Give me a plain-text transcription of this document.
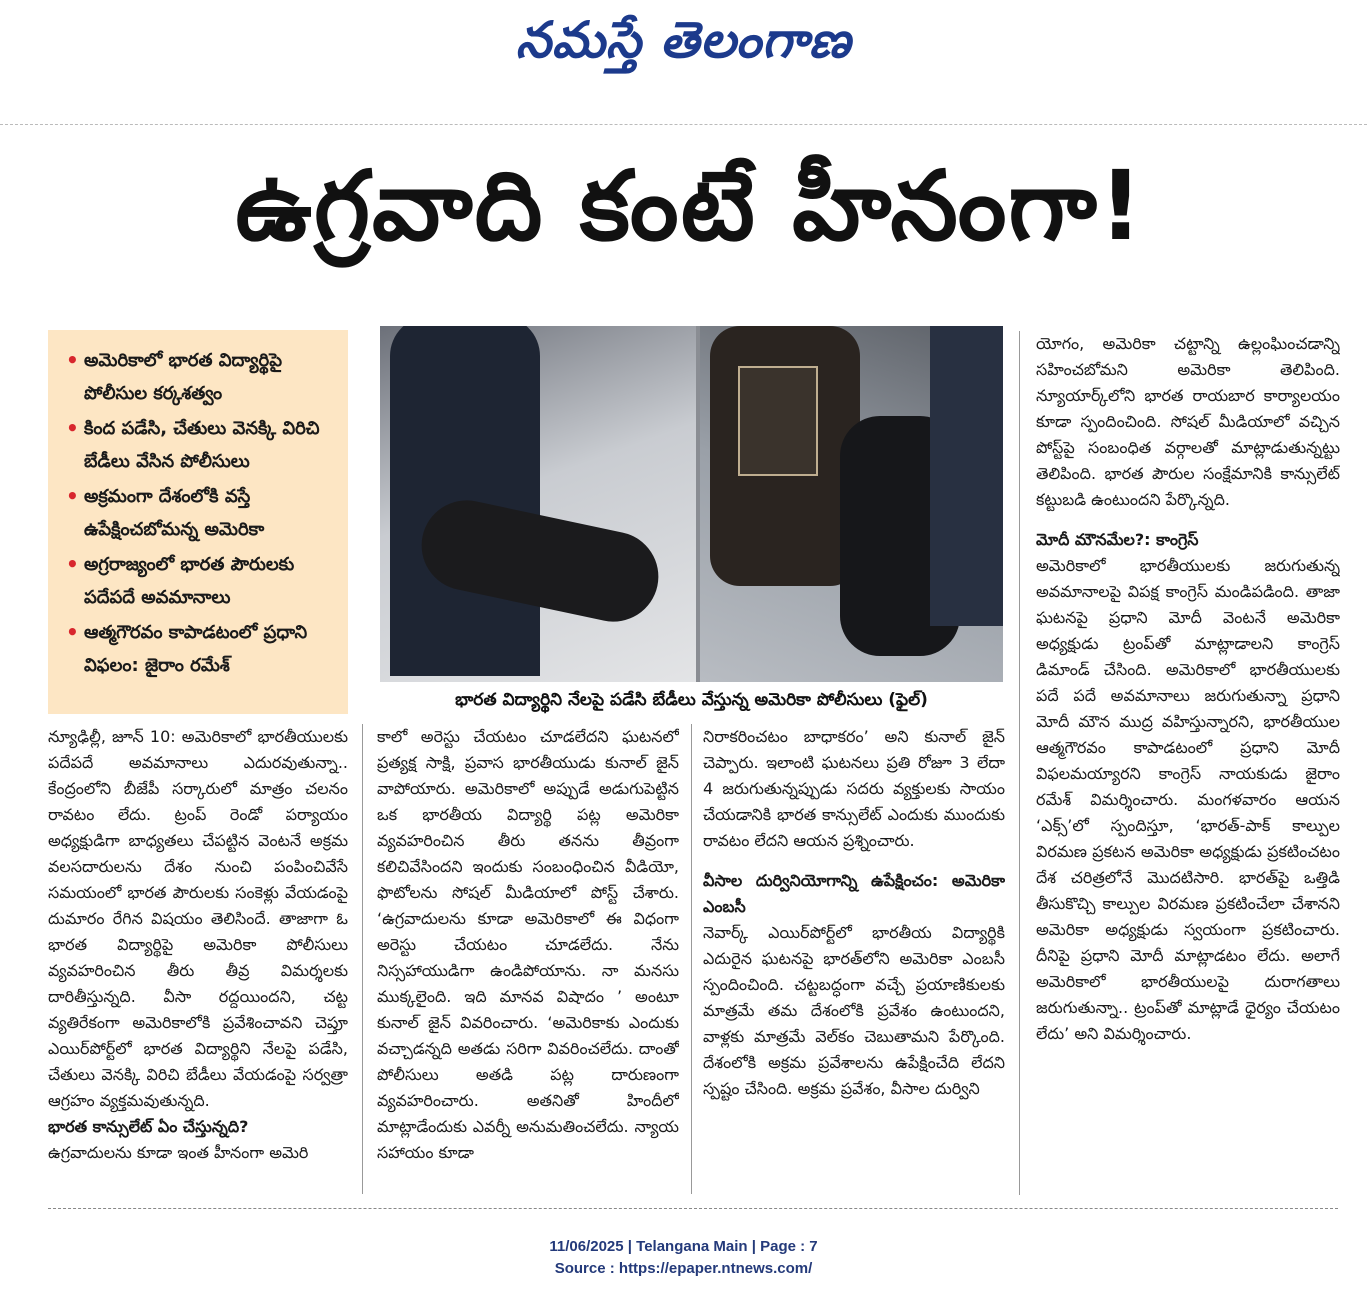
నమస్తే తెలంగాణ
ఉగ్రవాది కంటే హీనంగా!
• అమెరికాలో భారత విద్యార్థిపై పోలీసుల కర్కశత్వం
• కింద పడేసి, చేతులు వెనక్కి విరిచి బేడీలు వేసిన పోలీసులు
• అక్రమంగా దేశంలోకి వస్తే ఉపేక్షించబోమన్న అమెరికా
• అగ్రరాజ్యంలో భారత పౌరులకు పదేపదే అవమానాలు
• ఆత్మగౌరవం కాపాడటంలో ప్రధాని విఫలం: జైరాం రమేశ్
భారత విద్యార్థిని నేలపై పడేసి బేడీలు వేస్తున్న అమెరికా పోలీసులు (ఫైల్)

యోగం, అమెరికా చట్టాన్ని ఉల్లంఘించడాన్ని సహించబోమని అమెరికా తెలిపింది. న్యూయార్క్‌లోని భారత రాయబార కార్యాలయం కూడా స్పందించింది. సోషల్ మీడియాలో వచ్చిన పోస్ట్‌పై సంబంధిత వర్గాలతో మాట్లాడుతున్నట్టు తెలిపింది. భారత పౌరుల సంక్షేమానికి కాన్సులేట్ కట్టుబడి ఉంటుందని పేర్కొన్నది.

మోదీ మౌనమేల?: కాంగ్రెస్

అమెరికాలో భారతీయులకు జరుగుతున్న అవమానాలపై విపక్ష కాంగ్రెస్ మండిపడింది. తాజా ఘటనపై ప్రధాని మోదీ వెంటనే అమెరికా అధ్యక్షుడు ట్రంప్‌తో మాట్లాడాలని కాంగ్రెస్ డిమాండ్ చేసింది. అమెరికాలో భారతీయులకు పదే పదే అవమానాలు జరుగుతున్నా ప్రధాని మోదీ మౌన ముద్ర వహిస్తున్నారని, భారతీయుల ఆత్మగౌరవం కాపాడటంలో ప్రధాని మోదీ విఫలమయ్యారని కాంగ్రెస్ నాయకుడు జైరాం రమేశ్ విమర్శించారు. మంగళవారం ఆయన ‘ఎక్స్’లో స్పందిస్తూ, ‘భారత్-పాక్ కాల్పుల విరమణ ప్రకటన అమెరికా అధ్యక్షుడు ప్రకటించటం దేశ చరిత్రలోనే మొదటిసారి. భారత్‌పై ఒత్తిడి తీసుకొచ్చి కాల్పుల విరమణ ప్రకటించేలా చేశానని అమెరికా అధ్యక్షుడు స్వయంగా ప్రకటించారు. దీనిపై ప్రధాని మోదీ మాట్లాడటం లేదు. అలాగే అమెరికాలో భారతీయులపై దురాగతాలు జరుగుతున్నా.. ట్రంప్‌తో మాట్లాడే ధైర్యం చేయటం లేదు’ అని విమర్శించారు.

న్యూఢిల్లీ, జూన్ 10: అమెరికాలో భారతీయులకు పదేపదే అవమానాలు ఎదురవుతున్నా.. కేంద్రంలోని బీజేపీ సర్కారులో మాత్రం చలనం రావటం లేదు. ట్రంప్ రెండో పర్యాయం అధ్యక్షుడిగా బాధ్యతలు చేపట్టిన వెంటనే అక్రమ వలసదారులను దేశం నుంచి పంపించివేసే సమయంలో భారత పౌరులకు సంకెళ్లు వేయడంపై దుమారం రేగిన విషయం తెలిసిందే. తాజాగా ఓ భారత విద్యార్థిపై అమెరికా పోలీసులు వ్యవహరించిన తీరు తీవ్ర విమర్శలకు దారితీస్తున్నది. వీసా రద్దయిందని, చట్ట వ్యతిరేకంగా అమెరికాలోకి ప్రవేశించావని చెప్తూ ఎయిర్‌పోర్ట్‌లో భారత విద్యార్థిని నేలపై పడేసి, చేతులు వెనక్కి విరిచి బేడీలు వేయడంపై సర్వత్రా ఆగ్రహం వ్యక్తమవుతున్నది.

భారత కాన్సులేట్ ఏం చేస్తున్నది?

ఉగ్రవాదులను కూడా ఇంత హీనంగా అమెరి

కాలో అరెస్టు చేయటం చూడలేదని ఘటనలో ప్రత్యక్ష సాక్షి, ప్రవాస భారతీయుడు కునాల్ జైన్ వాపోయారు. అమెరికాలో అప్పుడే అడుగుపెట్టిన ఒక భారతీయ విద్యార్థి పట్ల అమెరికా వ్యవహరించిన తీరు తనను తీవ్రంగా కలిచివేసిందని ఇందుకు సంబంధించిన వీడియో, ఫొటోలను సోషల్ మీడియాలో పోస్ట్ చేశారు. ‘ఉగ్రవాదులను కూడా అమెరికాలో ఈ విధంగా అరెస్టు చేయటం చూడలేదు. నేను నిస్సహాయుడిగా ఉండిపోయాను. నా మనసు ముక్కలైంది. ఇది మానవ విషాదం ’ అంటూ కునాల్ జైన్ వివరించారు. ‘అమెరికాకు ఎందుకు వచ్చాడన్నది అతడు సరిగా వివరించలేదు. దాంతో పోలీసులు అతడి పట్ల దారుణంగా వ్యవహరించారు. అతనితో హిందీలో మాట్లాడేందుకు ఎవర్నీ అనుమతించలేదు. న్యాయ సహాయం కూడా

నిరాకరించటం బాధాకరం’ అని కునాల్ జైన్ చెప్పారు. ఇలాంటి ఘటనలు ప్రతి రోజూ 3 లేదా 4 జరుగుతున్నప్పుడు సదరు వ్యక్తులకు సాయం చేయడానికి భారత కాన్సులేట్ ఎందుకు ముందుకు రావటం లేదని ఆయన ప్రశ్నించారు.

వీసాల దుర్వినియోగాన్ని ఉపేక్షించం: అమెరికా ఎంబసీ

నెవార్క్ ఎయిర్‌పోర్ట్‌లో భారతీయ విద్యార్థికి ఎదురైన ఘటనపై భారత్‌లోని అమెరికా ఎంబసీ స్పందించింది. చట్టబద్ధంగా వచ్చే ప్రయాణికులకు మాత్రమే తమ దేశంలోకి ప్రవేశం ఉంటుందని, వాళ్లకు మాత్రమే వెల్‌కం చెబుతామని పేర్కొంది. దేశంలోకి అక్రమ ప్రవేశాలను ఉపేక్షించేది లేదని స్పష్టం చేసింది. అక్రమ ప్రవేశం, వీసాల దుర్విని

11/06/2025 | Telangana Main | Page : 7
Source : https://epaper.ntnews.com/
